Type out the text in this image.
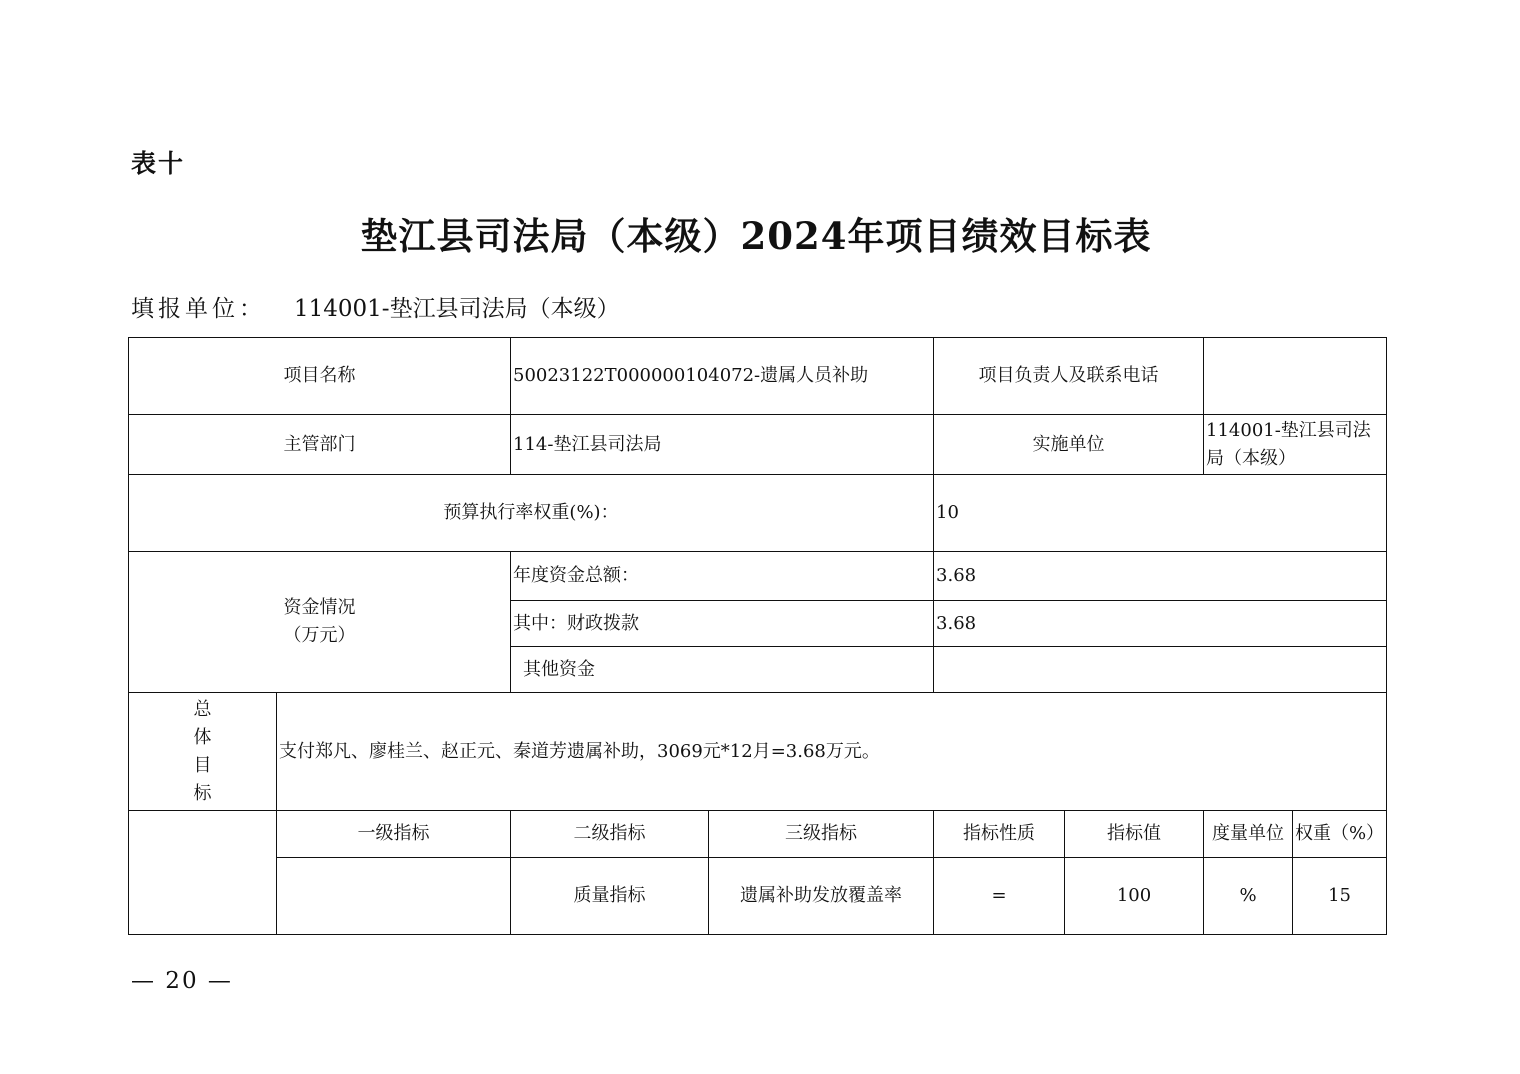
表十
垫江县司法局（本级）2024年项目绩效目标表
填报单位： 114001-垫江县司法局（本级）
项目名称		50023122T000000104072-遗属人员补助		项目负责人及联系电话			
主管部门		114-垫江县司法局		实施单位		114001-垫江县司法局（本级）	
预算执行率权重(%)：				10			
资金情况
（万元）		年度资金总额：		3.68			
		其中：财政拨款		3.68			
		其他资金					

总
体
目
标	支付郑凡、廖桂兰、赵正元、秦道芳遗属补助，3069元*12月=3.68万元。						
	一级指标	二级指标	三级指标	指标性质	指标值	度量单位	权重（%）
		质量指标	遗属补助发放覆盖率	=	100	%	15
— 20 —
